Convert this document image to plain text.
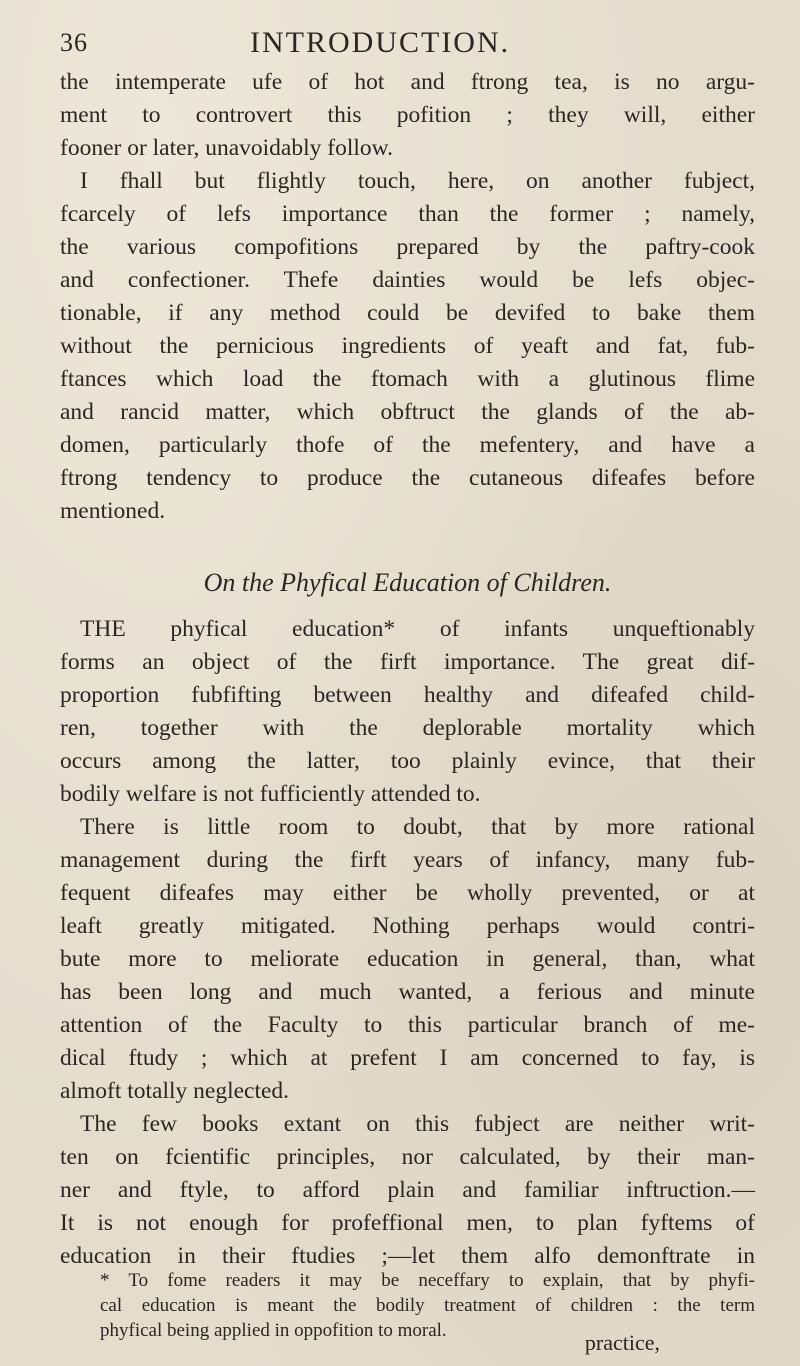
36	INTRODUCTION.
the intemperate ufe of hot and ftrong tea, is no argu-
ment to controvert this pofition ; they will, either
fooner or later, unavoidably follow.
I fhall but flightly touch, here, on another fubject,
fcarcely of lefs importance than the former ; namely,
the various compofitions prepared by the paftry-cook
and confectioner. Thefe dainties would be lefs objec-
tionable, if any method could be devifed to bake them
without the pernicious ingredients of yeaft and fat, fub-
ftances which load the ftomach with a glutinous flime
and rancid matter, which obftruct the glands of the ab-
domen, particularly thofe of the mefentery, and have a
ftrong tendency to produce the cutaneous difeafes before
mentioned.
On the Phyfical Education of Children.
THE phyfical education* of infants unqueftionably
forms an object of the firft importance. The great dif-
proportion fubfifting between healthy and difeafed child-
ren, together with the deplorable mortality which
occurs among the latter, too plainly evince, that their
bodily welfare is not fufficiently attended to.
There is little room to doubt, that by more rational
management during the firft years of infancy, many fub-
fequent difeafes may either be wholly prevented, or at
leaft greatly mitigated. Nothing perhaps would contri-
bute more to meliorate education in general, than, what
has been long and much wanted, a ferious and minute
attention of the Faculty to this particular branch of me-
dical ftudy ; which at prefent I am concerned to fay, is
almoft totally neglected.
The few books extant on this fubject are neither writ-
ten on fcientific principles, nor calculated, by their man-
ner and ftyle, to afford plain and familiar inftruction.—
It is not enough for profeffional men, to plan fyftems of
education in their ftudies ;—let them alfo demonftrate in
* To fome readers it may be neceffary to explain, that by phyfi-
cal education is meant the bodily treatment of children : the term
phyfical being applied in oppofition to moral.	practice,
